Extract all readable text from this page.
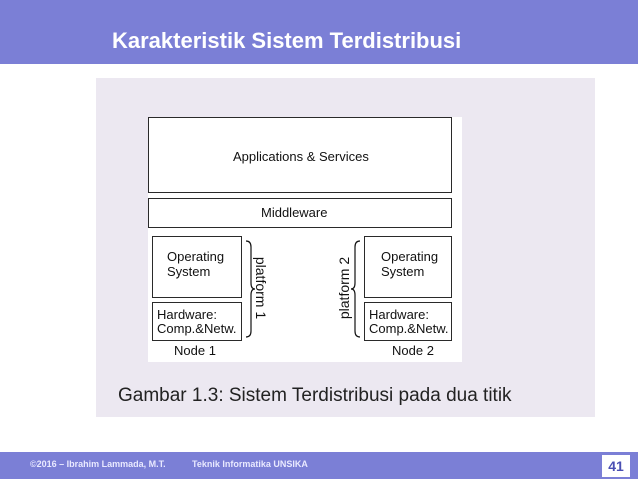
Karakteristik Sistem Terdistribusi
Applications & Services
Middleware
Operating
System
Hardware:
Comp.&Netw.
Node 1
platform 1
Operating
System
Hardware:
Comp.&Netw.
Node 2
platform 2
Gambar 1.3: Sistem Terdistribusi pada dua titik
©2016 – Ibrahim Lammada, M.T.	Teknik Informatika UNSIKA	41
